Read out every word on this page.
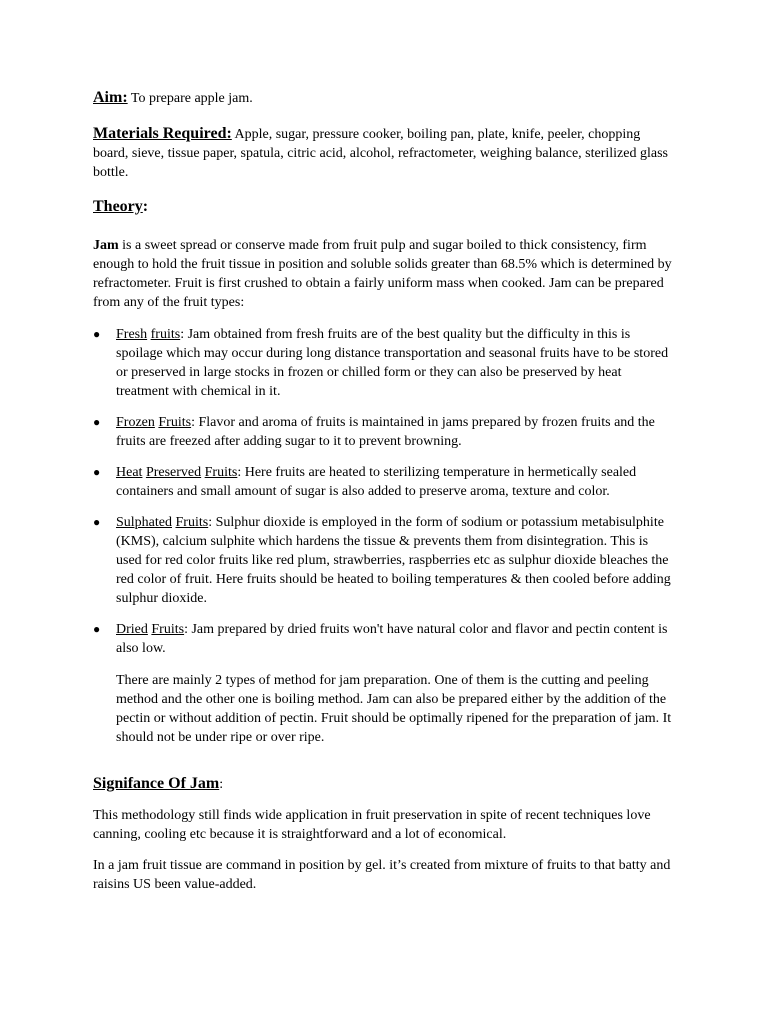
Aim: To prepare apple jam.

Materials Required: Apple, sugar, pressure cooker, boiling pan, plate, knife, peeler, chopping board, sieve, tissue paper, spatula, citric acid, alcohol, refractometer, weighing balance, sterilized glass bottle.

Theory:

Jam is a sweet spread or conserve made from fruit pulp and sugar boiled to thick consistency, firm enough to hold the fruit tissue in position and soluble solids greater than 68.5% which is determined by refractometer. Fruit is first crushed to obtain a fairly uniform mass when cooked. Jam can be prepared from any of the fruit types:

● Fresh fruits: Jam obtained from fresh fruits are of the best quality but the difficulty in this is spoilage which may occur during long distance transportation and seasonal fruits have to be stored or preserved in large stocks in frozen or chilled form or they can also be preserved by heat treatment with chemical in it.
● Frozen Fruits: Flavor and aroma of fruits is maintained in jams prepared by frozen fruits and the fruits are freezed after adding sugar to it to prevent browning.
● Heat Preserved Fruits: Here fruits are heated to sterilizing temperature in hermetically sealed containers and small amount of sugar is also added to preserve aroma, texture and color.
● Sulphated Fruits: Sulphur dioxide is employed in the form of sodium or potassium metabisulphite (KMS), calcium sulphite which hardens the tissue & prevents them from disintegration. This is used for red color fruits like red plum, strawberries, raspberries etc as sulphur dioxide bleaches the red color of fruit. Here fruits should be heated to boiling temperatures & then cooled before adding sulphur dioxide.
● Dried Fruits: Jam prepared by dried fruits won't have natural color and flavor and pectin content is also low.

There are mainly 2 types of method for jam preparation. One of them is the cutting and peeling method and the other one is boiling method. Jam can also be prepared either by the addition of the pectin or without addition of pectin. Fruit should be optimally ripened for the preparation of jam. It should not be under ripe or over ripe.

Signifance Of Jam:

This methodology still finds wide application in fruit preservation in spite of recent techniques love canning, cooling etc because it is straightforward and a lot of economical.

In a jam fruit tissue are command in position by gel. it’s created from mixture of fruits to that batty and raisins US been value-added.
